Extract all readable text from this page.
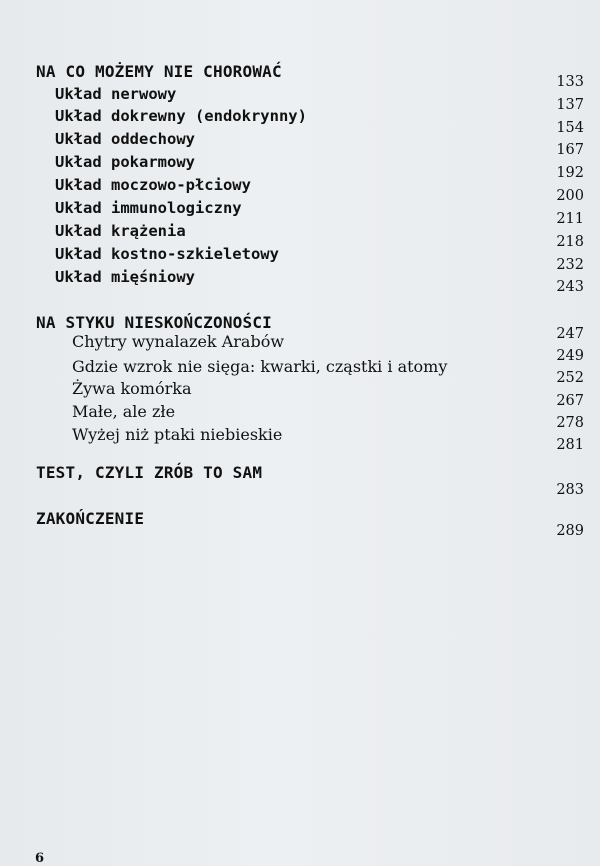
NA CO MOŻEMY NIE CHOROWAĆ
133
Układ nerwowy
137
Układ dokrewny (endokrynny)
154
Układ oddechowy
167
Układ pokarmowy
192
Układ moczowo-płciowy
200
Układ immunologiczny
211
Układ krążenia
218
Układ kostno-szkieletowy
232
Układ mięśniowy
243
NA STYKU NIESKOŃCZONOŚCI
247
Chytry wynalazek Arabów
249
Gdzie wzrok nie sięga: kwarki, cząstki i atomy
252
Żywa komórka
267
Małe, ale złe
278
Wyżej niż ptaki niebieskie
281
TEST, CZYLI ZRÓB TO SAM
283
ZAKOŃCZENIE
289
6
